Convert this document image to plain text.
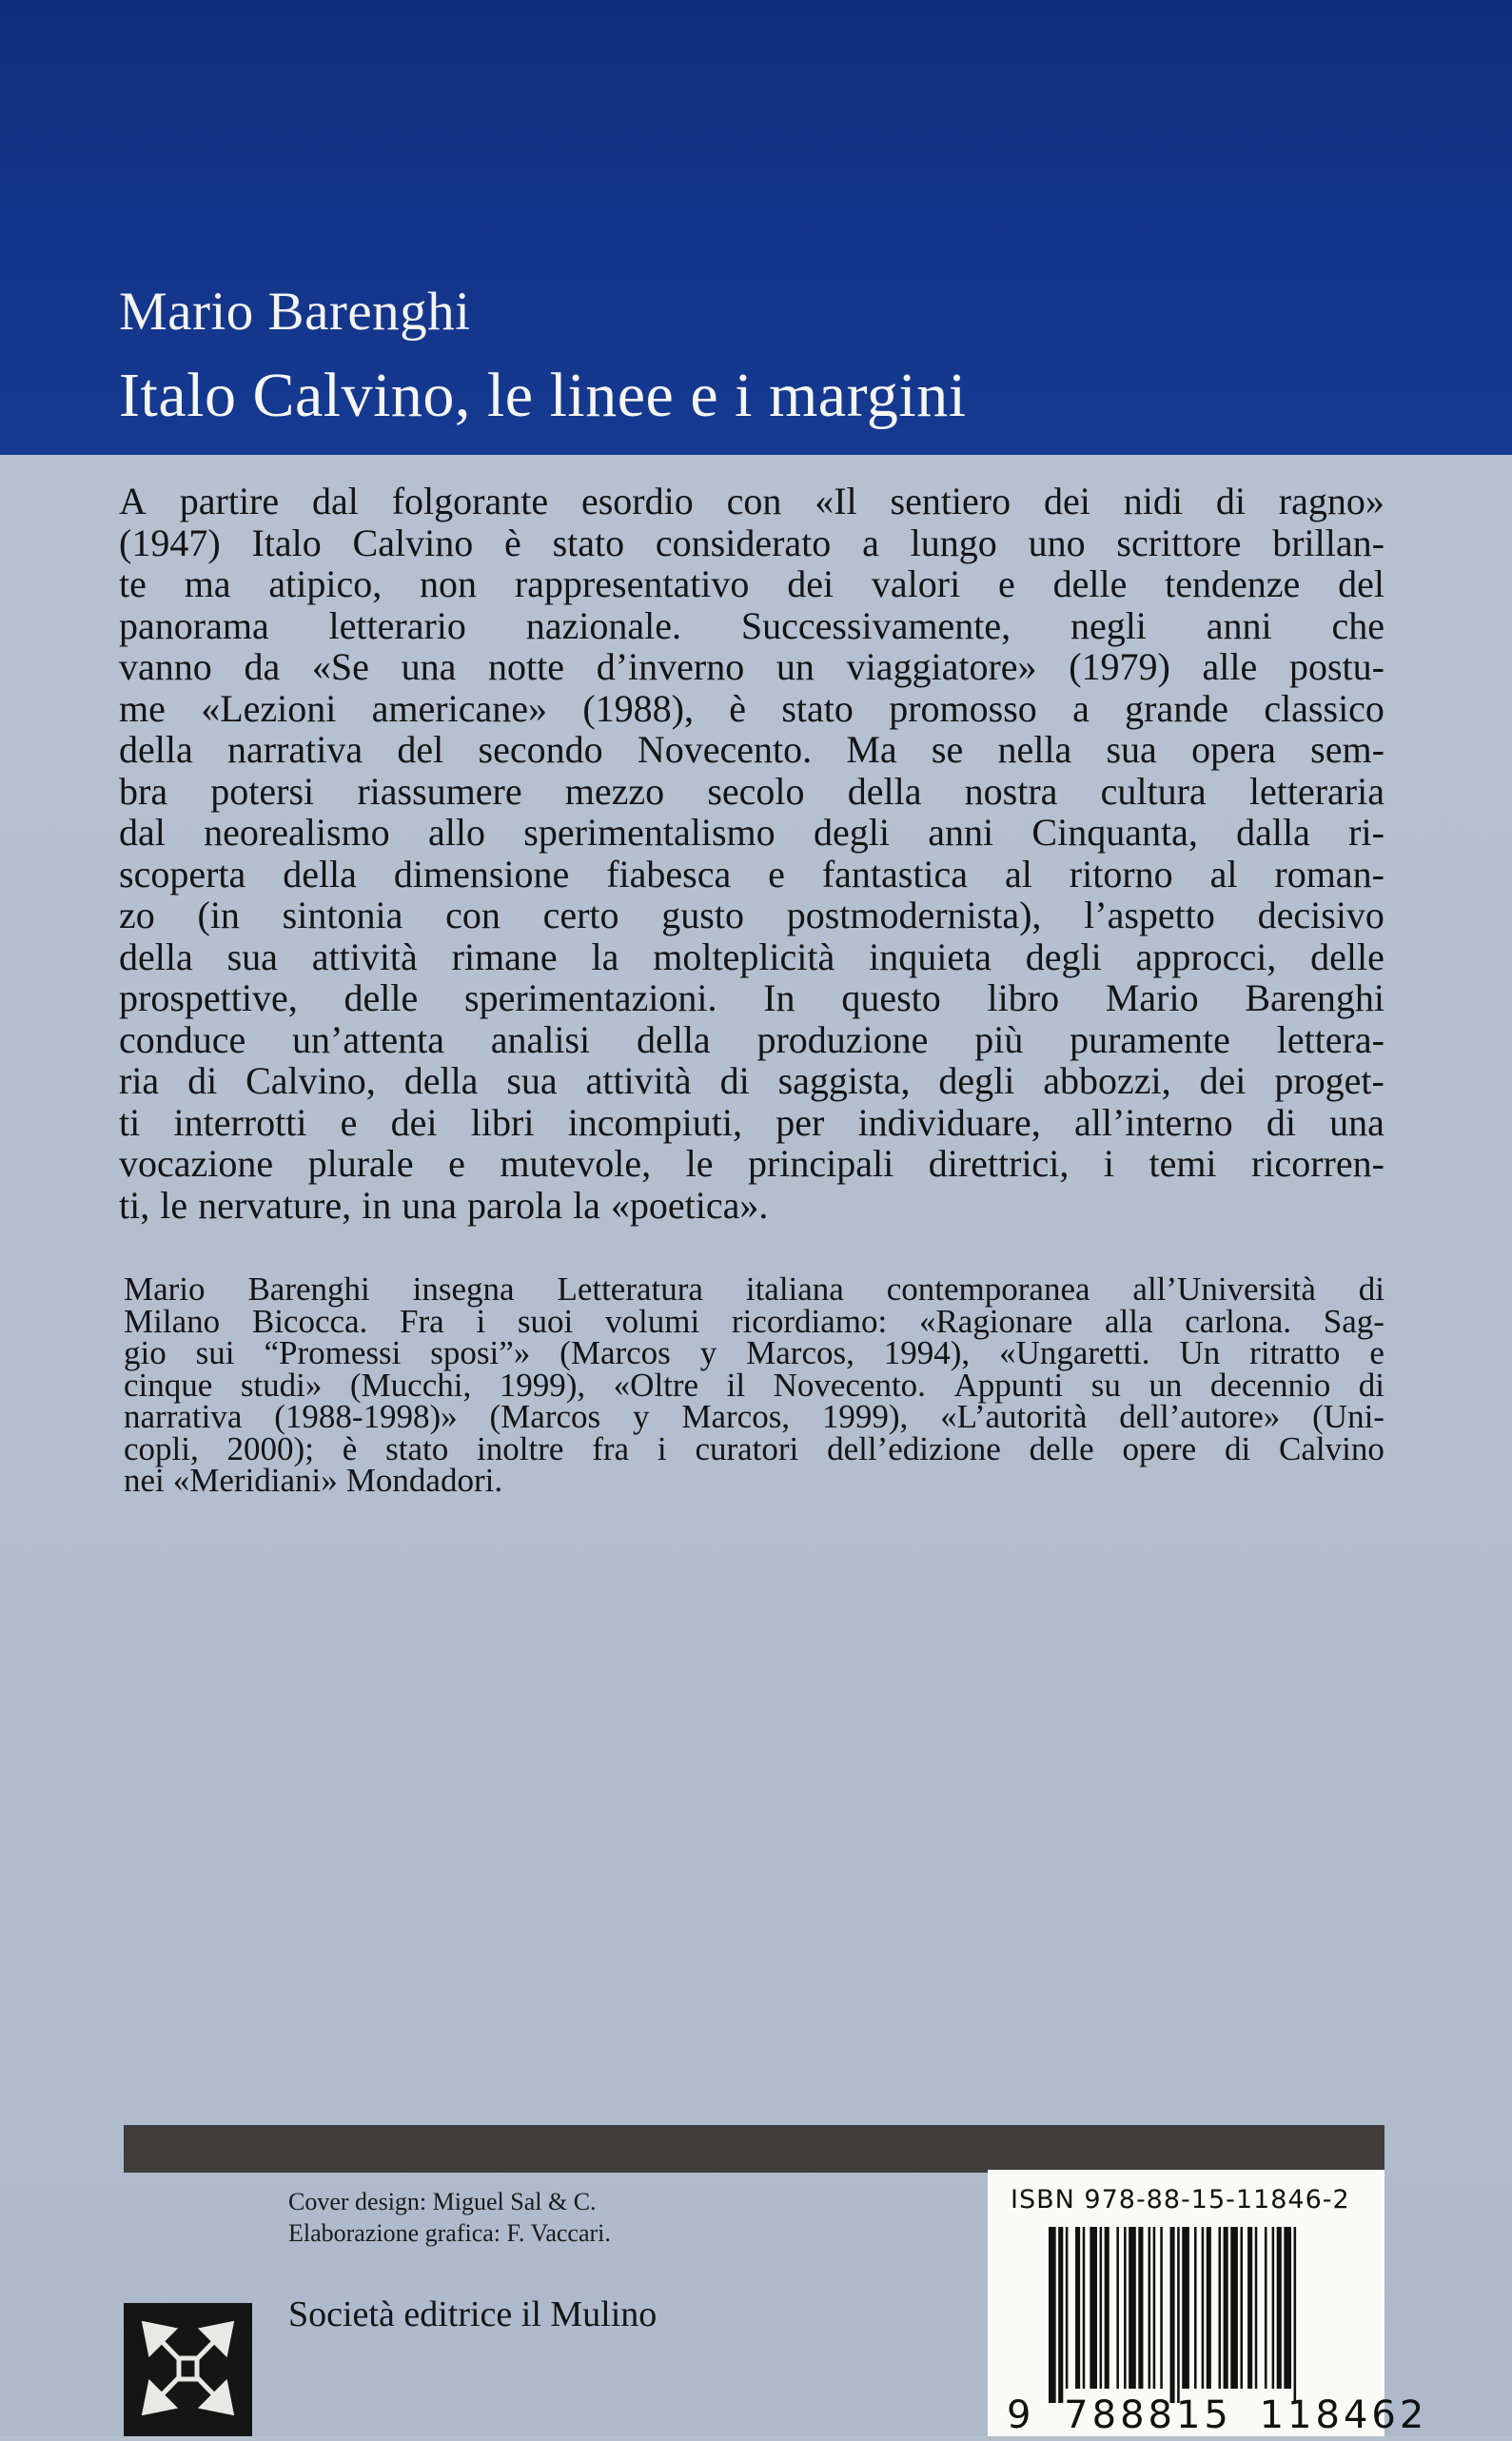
Mario Barenghi
Italo Calvino, le linee e i margini
A partire dal folgorante esordio con «Il sentiero dei nidi di ragno»
(1947) Italo Calvino è stato considerato a lungo uno scrittore brillan-
te ma atipico, non rappresentativo dei valori e delle tendenze del
panorama letterario nazionale. Successivamente, negli anni che
vanno da «Se una notte d’inverno un viaggiatore» (1979) alle postu-
me «Lezioni americane» (1988), è stato promosso a grande classico
della narrativa del secondo Novecento. Ma se nella sua opera sem-
bra potersi riassumere mezzo secolo della nostra cultura letteraria
dal neorealismo allo sperimentalismo degli anni Cinquanta, dalla ri-
scoperta della dimensione fiabesca e fantastica al ritorno al roman-
zo (in sintonia con certo gusto postmodernista), l’aspetto decisivo
della sua attività rimane la molteplicità inquieta degli approcci, delle
prospettive, delle sperimentazioni. In questo libro Mario Barenghi
conduce un’attenta analisi della produzione più puramente lettera-
ria di Calvino, della sua attività di saggista, degli abbozzi, dei proget-
ti interrotti e dei libri incompiuti, per individuare, all’interno di una
vocazione plurale e mutevole, le principali direttrici, i temi ricorren-
ti, le nervature, in una parola la «poetica».
Mario Barenghi insegna Letteratura italiana contemporanea all’Università di
Milano Bicocca. Fra i suoi volumi ricordiamo: «Ragionare alla carlona. Sag-
gio sui “Promessi sposi”» (Marcos y Marcos, 1994), «Ungaretti. Un ritratto e
cinque studi» (Mucchi, 1999), «Oltre il Novecento. Appunti su un decennio di
narrativa (1988-1998)» (Marcos y Marcos, 1999), «L’autorità dell’autore» (Uni-
copli, 2000); è stato inoltre fra i curatori dell’edizione delle opere di Calvino
nei «Meridiani» Mondadori.
Cover design: Miguel Sal & C.
Elaborazione grafica: F. Vaccari.
Società editrice il Mulino
ISBN 978-88-15-11846-2
9 788815 118462
